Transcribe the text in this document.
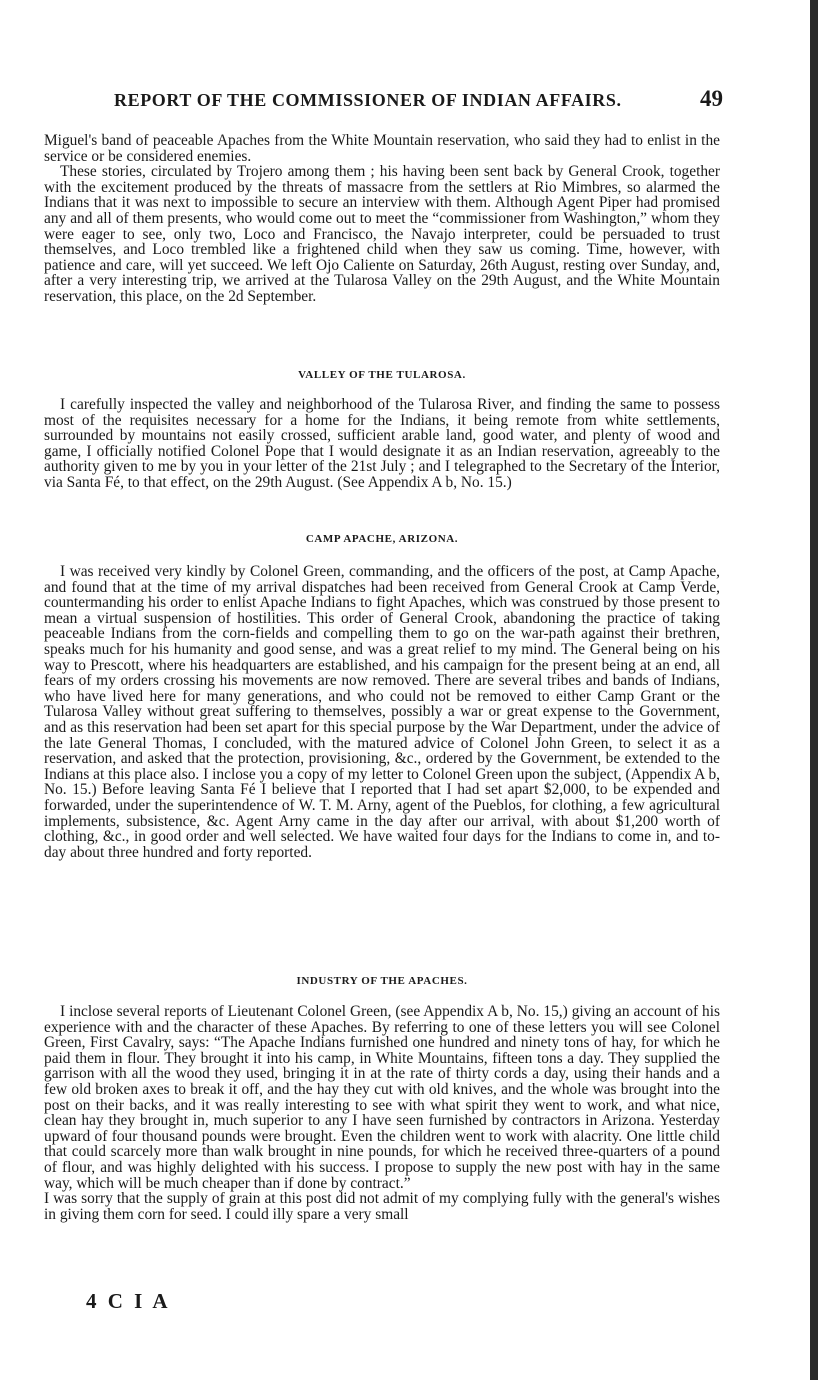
REPORT OF THE COMMISSIONER OF INDIAN AFFAIRS.	49

Miguel's band of peaceable Apaches from the White Mountain reservation, who said they had to enlist in the service or be considered enemies.

These stories, circulated by Trojero among them ; his having been sent back by General Crook, together with the excitement produced by the threats of massacre from the settlers at Rio Mimbres, so alarmed the Indians that it was next to impossible to secure an interview with them. Although Agent Piper had promised any and all of them presents, who would come out to meet the “commissioner from Washington,” whom they were eager to see, only two, Loco and Francisco, the Navajo interpreter, could be persuaded to trust themselves, and Loco trembled like a frightened child when they saw us coming. Time, however, with patience and care, will yet succeed. We left Ojo Caliente on Saturday, 26th August, resting over Sunday, and, after a very interesting trip, we arrived at the Tularosa Valley on the 29th August, and the White Mountain reservation, this place, on the 2d September.

VALLEY OF THE TULAROSA.

I carefully inspected the valley and neighborhood of the Tularosa River, and finding the same to possess most of the requisites necessary for a home for the Indians, it being remote from white settlements, surrounded by mountains not easily crossed, sufficient arable land, good water, and plenty of wood and game, I officially notified Colonel Pope that I would designate it as an Indian reservation, agreeably to the authority given to me by you in your letter of the 21st July ; and I telegraphed to the Secretary of the Interior, via Santa Fé, to that effect, on the 29th August. (See Appendix A b, No. 15.)

CAMP APACHE, ARIZONA.

I was received very kindly by Colonel Green, commanding, and the officers of the post, at Camp Apache, and found that at the time of my arrival dispatches had been received from General Crook at Camp Verde, countermanding his order to enlist Apache Indians to fight Apaches, which was construed by those present to mean a virtual suspension of hostilities. This order of General Crook, abandoning the practice of taking peaceable Indians from the corn-fields and compelling them to go on the war-path against their brethren, speaks much for his humanity and good sense, and was a great relief to my mind. The General being on his way to Prescott, where his headquarters are established, and his campaign for the present being at an end, all fears of my orders crossing his movements are now removed. There are several tribes and bands of Indians, who have lived here for many generations, and who could not be removed to either Camp Grant or the Tularosa Valley without great suffering to themselves, possibly a war or great expense to the Government, and as this reservation had been set apart for this special purpose by the War Department, under the advice of the late General Thomas, I concluded, with the matured advice of Colonel John Green, to select it as a reservation, and asked that the protection, provisioning, &c., ordered by the Government, be extended to the Indians at this place also. I inclose you a copy of my letter to Colonel Green upon the subject, (Appendix A b, No. 15.) Before leaving Santa Fé I believe that I reported that I had set apart $2,000, to be expended and forwarded, under the superintendence of W. T. M. Arny, agent of the Pueblos, for clothing, a few agricultural implements, subsistence, &c. Agent Arny came in the day after our arrival, with about $1,200 worth of clothing, &c., in good order and well selected. We have waited four days for the Indians to come in, and to-day about three hundred and forty reported.

INDUSTRY OF THE APACHES.

I inclose several reports of Lieutenant Colonel Green, (see Appendix A b, No. 15,) giving an account of his experience with and the character of these Apaches. By referring to one of these letters you will see Colonel Green, First Cavalry, says: “The Apache Indians furnished one hundred and ninety tons of hay, for which he paid them in flour. They brought it into his camp, in White Mountains, fifteen tons a day. They supplied the garrison with all the wood they used, bringing it in at the rate of thirty cords a day, using their hands and a few old broken axes to break it off, and the hay they cut with old knives, and the whole was brought into the post on their backs, and it was really interesting to see with what spirit they went to work, and what nice, clean hay they brought in, much superior to any I have seen furnished by contractors in Arizona. Yesterday upward of four thousand pounds were brought. Even the children went to work with alacrity. One little child that could scarcely more than walk brought in nine pounds, for which he received three-quarters of a pound of flour, and was highly delighted with his success. I propose to supply the new post with hay in the same way, which will be much cheaper than if done by contract.”

I was sorry that the supply of grain at this post did not admit of my complying fully with the general's wishes in giving them corn for seed. I could illy spare a very small

4 C I A
